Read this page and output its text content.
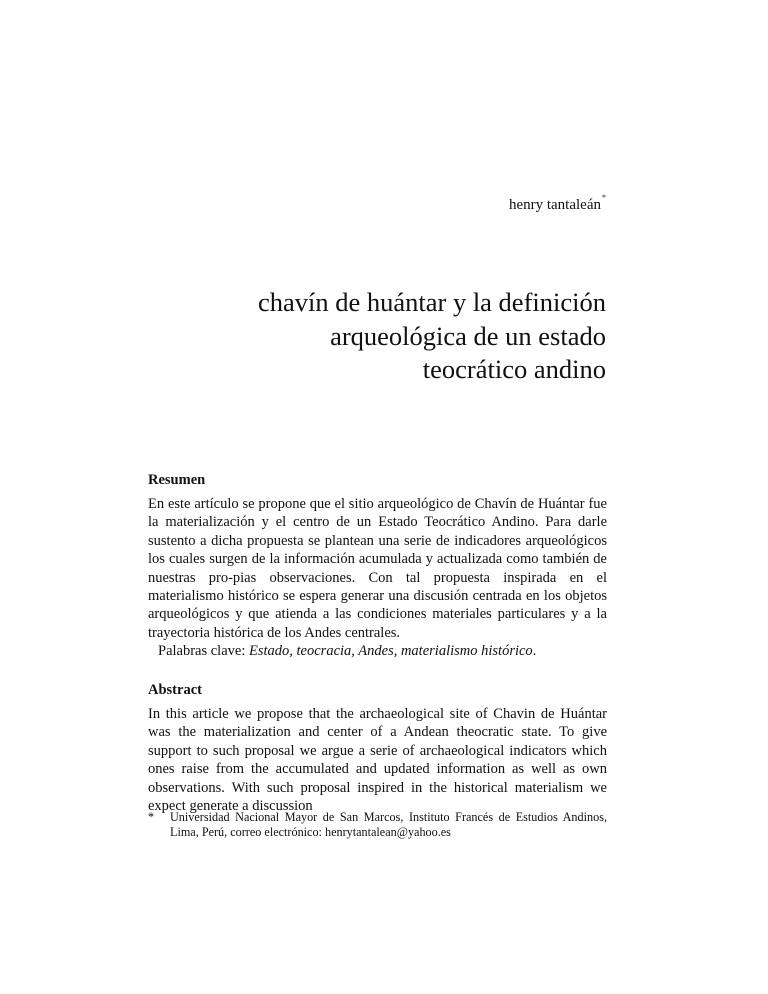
henry tantaleán*
chavín de huántar y la definición
arqueológica de un estado
teocrático andino

Resumen

En este artículo se propone que el sitio arqueológico de Chavín de Huántar fue la materialización y el centro de un Estado Teocrático Andino. Para darle sustento a dicha propuesta se plantean una serie de indicadores arqueológicos los cuales surgen de la información acumulada y actualizada como también de nuestras pro-pias observaciones. Con tal propuesta inspirada en el materialismo histórico se espera generar una discusión centrada en los objetos arqueológicos y que atienda a las condiciones materiales particulares y a la trayectoria histórica de los Andes centrales.

Palabras clave: Estado, teocracia, Andes, materialismo histórico.

Abstract

In this article we propose that the archaeological site of Chavin de Huántar was the materialization and center of a Andean theocratic state. To give support to such proposal we argue a serie of archaeological indicators which ones raise from the accumulated and updated information as well as own observations. With such proposal inspired in the historical materialism we expect generate a discussion

* Universidad Nacional Mayor de San Marcos, Instituto Francés de Estudios Andinos, Lima, Perú, correo electrónico: henrytantalean@yahoo.es
